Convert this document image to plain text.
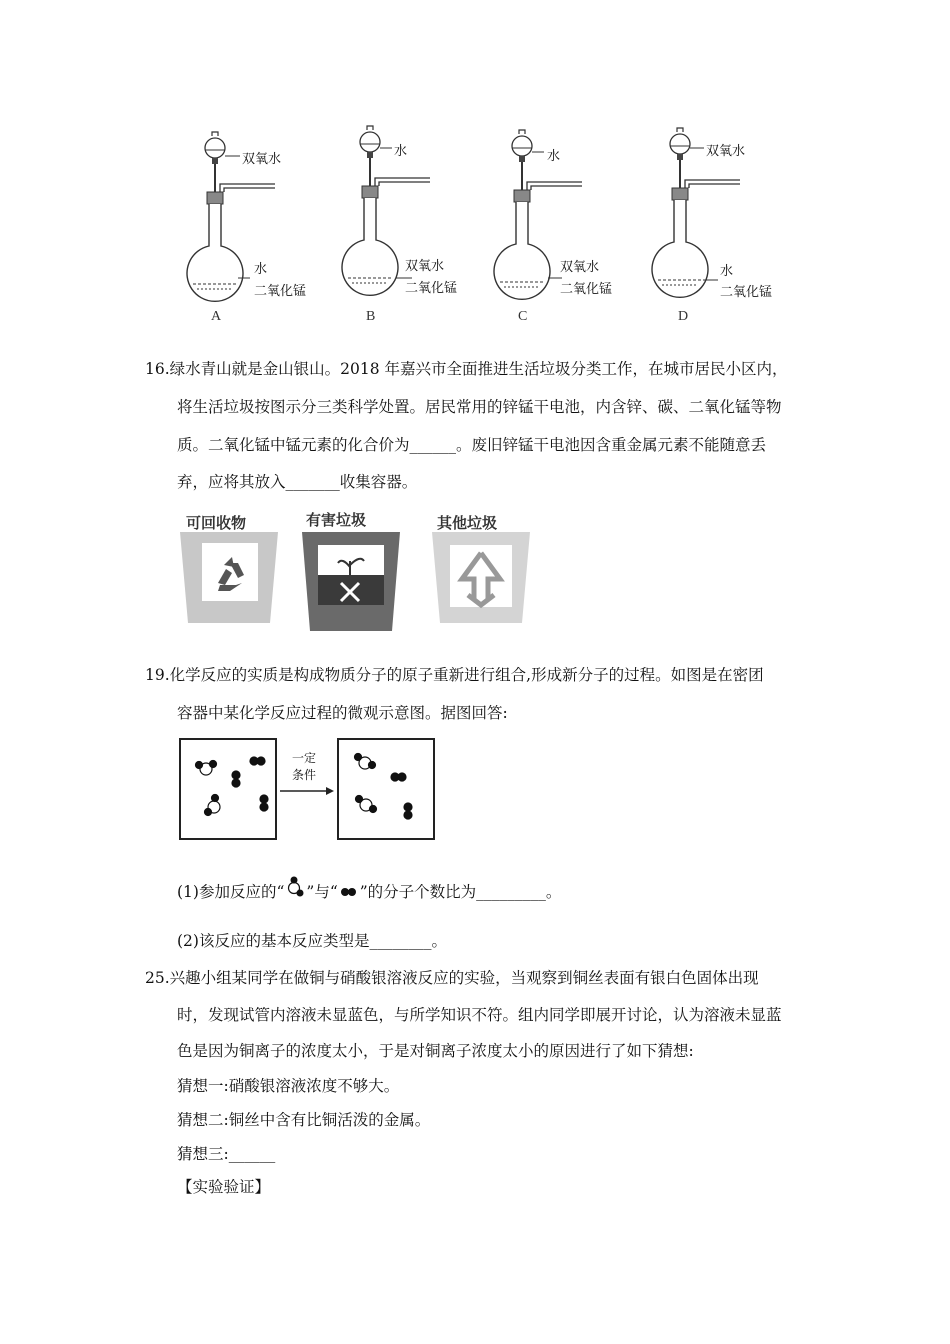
双氧水
水
二氧化锰
A
水
双氧水
二氧化锰
B
水
双氧水
二氧化锰
C
双氧水
水
二氧化锰
D
16.绿水青山就是金山银山。2018 年嘉兴市全面推进生活垃圾分类工作，在城市居民小区内，
将生活垃圾按图示分三类科学处置。居民常用的锌锰干电池，内含锌、碳、二氧化锰等物
质。二氧化锰中锰元素的化合价为______。废旧锌锰干电池因含重金属元素不能随意丢
弃，应将其放入_______收集容器。
可回收物	有害垃圾	其他垃圾
19.化学反应的实质是构成物质分子的原子重新进行组合,形成新分子的过程。如图是在密团
容器中某化学反应过程的微观示意图。据图回答:
一定
条件
(1)参加反应的“ ”与“ ”的分子个数比为_________。
(2)该反应的基本反应类型是________。
25.兴趣小组某同学在做铜与硝酸银溶液反应的实验，当观察到铜丝表面有银白色固体出现
时，发现试管内溶液未显蓝色，与所学知识不符。组内同学即展开讨论，认为溶液未显蓝
色是因为铜离子的浓度太小，于是对铜离子浓度太小的原因进行了如下猜想:
猜想一:硝酸银溶液浓度不够大。
猜想二:铜丝中含有比铜活泼的金属。
猜想三:______
【实验验证】
